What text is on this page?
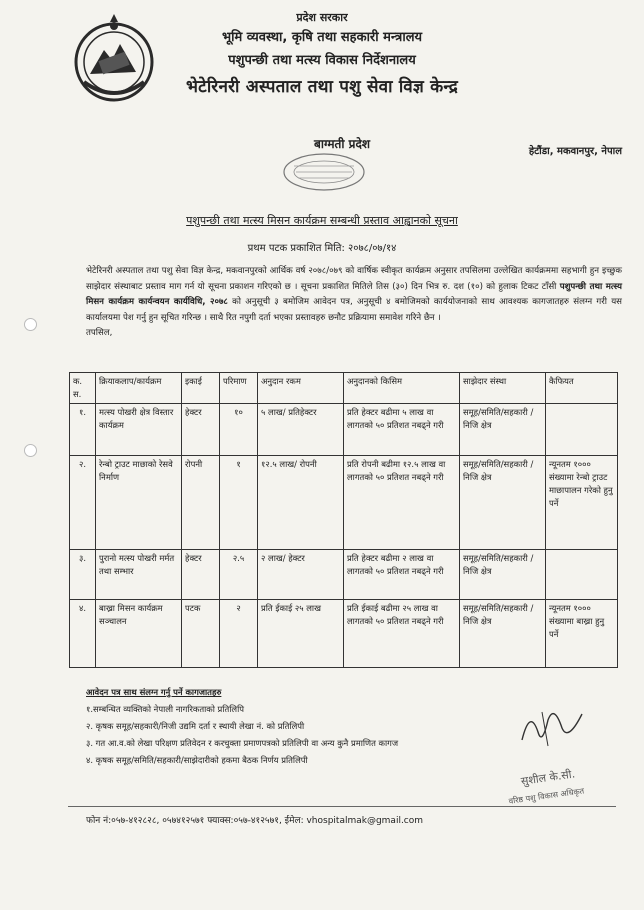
प्रदेश सरकार
भूमि व्यवस्था, कृषि तथा सहकारी मन्त्रालय
पशुपन्छी तथा मत्स्य विकास निर्देशनालय
भेटेरिनरी अस्पताल तथा पशु सेवा विज्ञ केन्द्र
बाग्मती प्रदेश
हेटौंडा, मकवानपुर, नेपाल
पशुपन्छी तथा मत्स्य मिसन कार्यक्रम सम्बन्धी प्रस्ताव आह्वानको सूचना
प्रथम पटक प्रकाशित मिति: २०७८/०७/१४
भेटेरिनरी अस्पताल तथा पशु सेवा विज्ञ केन्द्र, मकवानपुरको आर्थिक वर्ष २०७८/०७९ को वार्षिक स्वीकृत कार्यक्रम अनुसार तपसिलमा उल्लेखित कार्यक्रममा सहभागी हुन इच्छुक साझेदार संस्थाबाट प्रस्ताव माग गर्न यो सूचना प्रकाशन गरिएको छ । सूचना प्रकाशित मितिले तिस (३०) दिन भित्र रु. दश (१०) को हुलाक टिकट टाँसी पशुपन्छी तथा मत्स्य मिसन कार्यक्रम कार्यन्वयन कार्यविधि, २०७८ को अनुसूची ३ बमोजिम आवेदन पत्र, अनुसूची ४ बमोजिमको कार्ययोजनाको साथ आवश्यक कागजातहरु संलग्न गरी यस कार्यालयमा पेश गर्नु हुन सूचित गरिन्छ । साथै रित नपुगी दर्ता भएका प्रस्तावहरु छनौट प्रक्रियामा समावेश गरिने छैन ।
तपसिल,
क. स.	क्रियाकलाप/कार्यक्रम	इकाई	परिमाण	अनुदान रकम	अनुदानको किसिम	साझेदार संस्था	कैफियत
१.	मत्स्य पोखरी क्षेत्र विस्तार कार्यक्रम	हेक्टर	१०	५ लाख/ प्रतिहेक्टर	प्रति हेक्टर बढीमा ५ लाख वा लागतको ५० प्रतिशत नबढ्ने गरी	समूह/समिति/सहकारी /निजि क्षेत्र	
२.	रेन्बो ट्राउट माछाको रेसवे निर्माण	रोपनी	१	१२.५ लाख/ रोपनी	प्रति रोपनी बढीमा १२.५ लाख वा लागतको ५० प्रतिशत नबढ्ने गरी	समूह/समिति/सहकारी /निजि क्षेत्र	न्यूनतम १००० संख्यामा रेन्बो ट्राउट माछापालन गरेको हुनु पर्ने
३.	पुरानो मत्स्य पोखरी मर्मत तथा सम्भार	हेक्टर	२.५	२ लाख/ हेक्टर	प्रति हेक्टर बढीमा २ लाख वा लागतको ५० प्रतिशत नबढ्ने गरी	समूह/समिति/सहकारी /निजि क्षेत्र	
४.	बाख्रा मिसन कार्यक्रम सञ्चालन	पटक	२	प्रति ईकाई २५ लाख	प्रति ईकाई बढीमा २५ लाख वा लागतको ५० प्रतिशत नबढ्ने गरी	समूह/समिति/सहकारी /निजि क्षेत्र	न्यूनतम १००० संख्यामा बाख्रा हुनु पर्ने
आवेदन पत्र साथ संलग्न गर्नु पर्ने कागजातहरु
१.सम्बन्धित व्यक्तिको नेपाली नागरिकताको प्रतिलिपि
२. कृषक समूह/सहकारी/निजी उद्यमि दर्ता र स्थायी लेखा नं. को प्रतिलिपी
३. गत आ.व.को लेखा परिक्षण प्रतिवेदन र करचुक्ता प्रमाणपत्रको प्रतिलिपी वा अन्य कुनै प्रमाणित कागज
४. कृषक समूह/समिति/सहकारी/साझेदारीको हकमा बैठक निर्णय प्रतिलिपी
सुशील के.सी.
वरिष्ठ पशु विकास अधिकृत
फोन नं:०५७-४१२८२८, ०५७४१२५७१ फ्याक्स:०५७-४१२५७१, ईमेल: vhospitalmak@gmail.com
